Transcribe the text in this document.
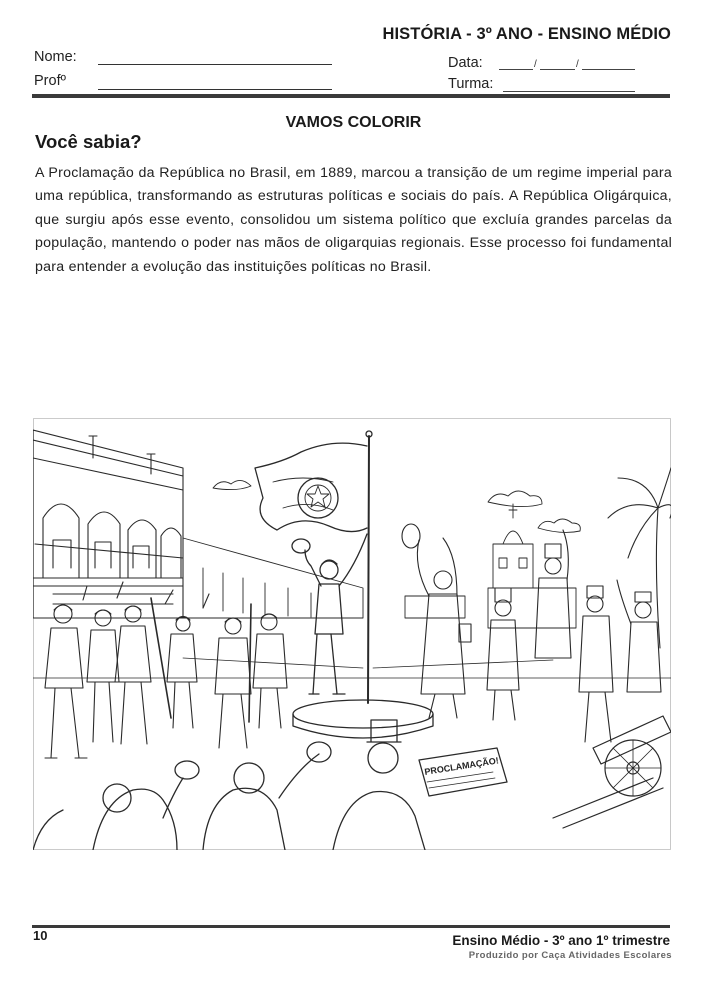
HISTÓRIA - 3º ANO - ENSINO MÉDIO
Nome:
Profº
Data:	/	/
Turma:
VAMOS COLORIR
Você sabia?
A Proclamação da República no Brasil, em 1889, marcou a transição de um regime imperial para uma república, transformando as estruturas políticas e sociais do país. A República Oligárquica, que surgiu após esse evento, consolidou um sistema político que excluía grandes parcelas da população, mantendo o poder nas mãos de oligarquias regionais. Esse processo foi fundamental para entender a evolução das instituições políticas no Brasil.
PROCLAMAÇÃO!
10	Ensino Médio - 3º ano 1º trimestre
Produzido por Caça Atividades Escolares
